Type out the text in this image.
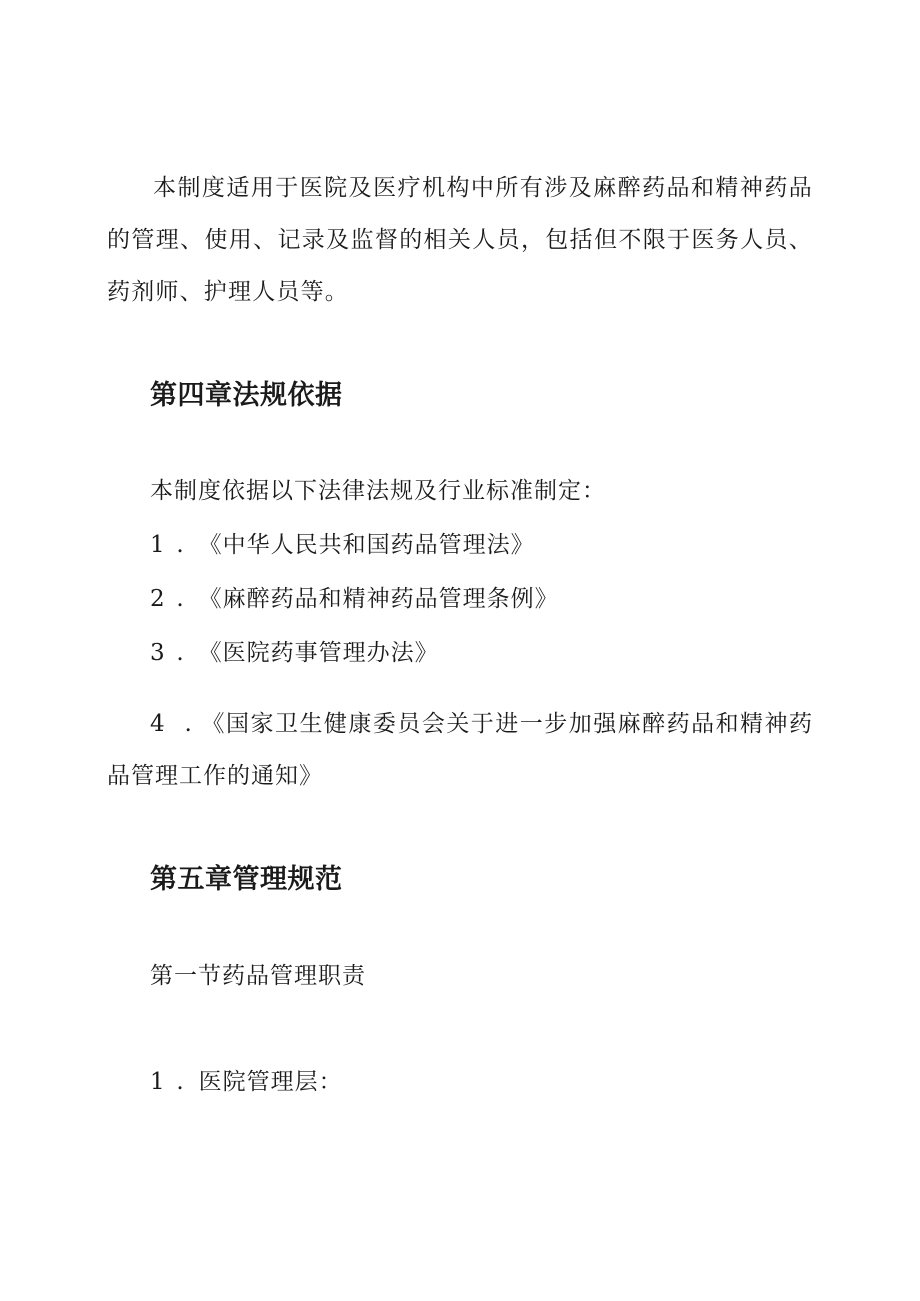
本制度适用于医院及医疗机构中所有涉及麻醉药品和精神药品的管理、使用、记录及监督的相关人员，包括但不限于医务人员、药剂师、护理人员等。

第四章法规依据

本制度依据以下法律法规及行业标准制定：

1 . 《中华人民共和国药品管理法》

2 . 《麻醉药品和精神药品管理条例》

3 . 《医院药事管理办法》

4 . 《国家卫生健康委员会关于进一步加强麻醉药品和精神药品管理工作的通知》

第五章管理规范

第一节药品管理职责

1 . 医院管理层：
